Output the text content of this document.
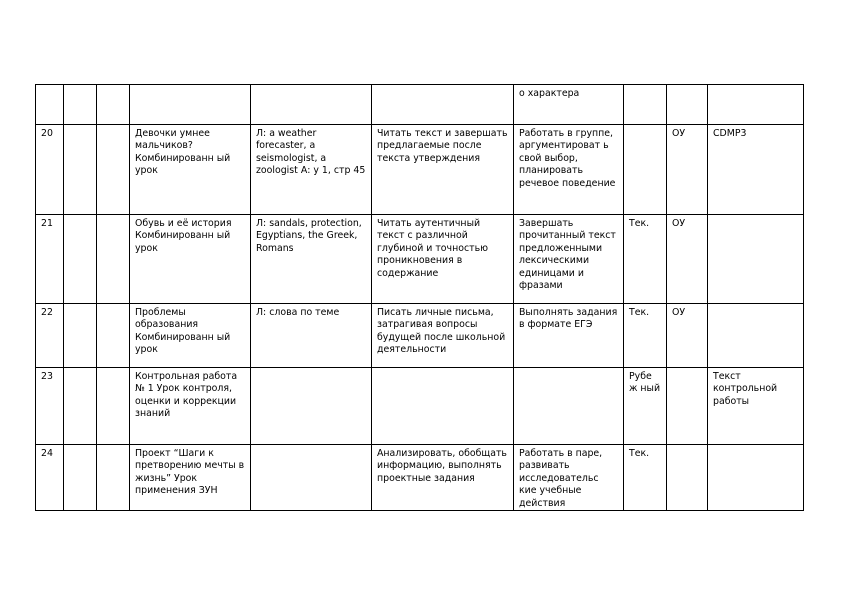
						о характера			

20			Девочки умнее мальчиков? Комбинированн ый урок	Л: a weather forecaster, a seismologist, a zoologist А: у 1, стр 45	Читать текст и завершать предлагаемые после текста утверждения	Работать в группе, аргументироват ь свой выбор, планировать речевое поведение		ОУ	CDMP3

21			Обувь и её история Комбинированн ый урок	Л: sandals, protection, Egyptians, the Greek, Romans	Читать аутентичный текст с различной глубиной и точностью проникновения в содержание	Завершать прочитанный текст предложенными лексическими единицами и фразами	Тек.	ОУ	

22			Проблемы образования Комбинированн ый урок	Л: слова по теме	Писать личные письма, затрагивая вопросы будущей после школьной деятельности	Выполнять задания в формате ЕГЭ	Тек.	ОУ	

23			Контрольная работа № 1 Урок контроля, оценки и коррекции знаний				Рубе ж ный		Текст контрольной работы

24			Проект “Шаги к претворению мечты в жизнь” Урок применения ЗУН		Анализировать, обобщать информацию, выполнять проектные задания	Работать в паре, развивать исследовательс кие учебные действия	Тек.		
